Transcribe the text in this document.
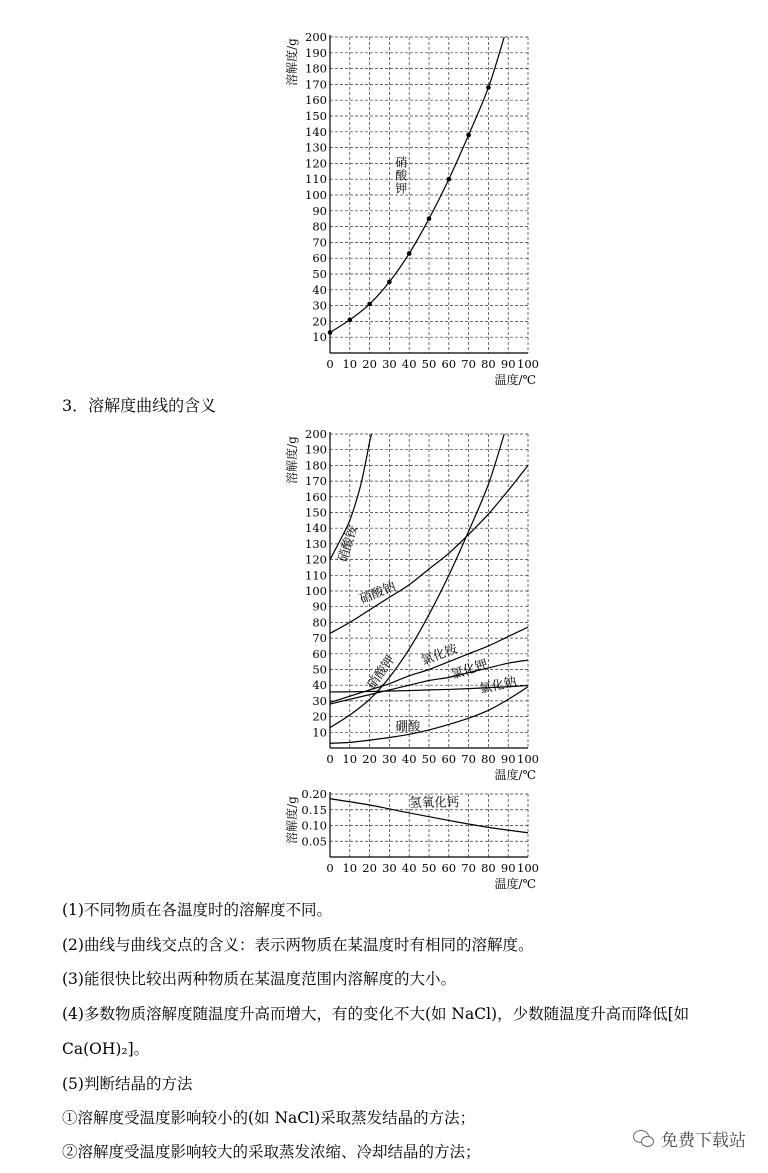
10
20
30
40
50
60
70
80
90
100
110
120
130
140
150
160
170
180
190
200
0 10 20 30 40 50 60 70 80 90 100
温度/℃
溶解度/g
硝酸钾
3．溶解度曲线的含义
10
20
30
40
50
60
70
80
90
100
110
120
130
140
150
160
170
180
190
200
0 10 20 30 40 50 60 70 80 90 100
温度/℃
溶解度/g
硝酸铵
硝酸钠
硝酸钾 氯化铵
氯化钾
氯化钠
硼酸
0.20
0.15
0.10
0.05
0 10 20 30 40 50 60 70 80 90 100
温度/℃
溶解度/g	氢氧化钙
(1)不同物质在各温度时的溶解度不同。
(2)曲线与曲线交点的含义：表示两物质在某温度时有相同的溶解度。
(3)能很快比较出两种物质在某温度范围内溶解度的大小。
(4)多数物质溶解度随温度升高而增大，有的变化不大(如 NaCl)，少数随温度升高而降低[如
Ca(OH)₂]。
(5)判断结晶的方法
①溶解度受温度影响较小的(如 NaCl)采取蒸发结晶的方法；
②溶解度受温度影响较大的采取蒸发浓缩、冷却结晶的方法；
免费下载站
